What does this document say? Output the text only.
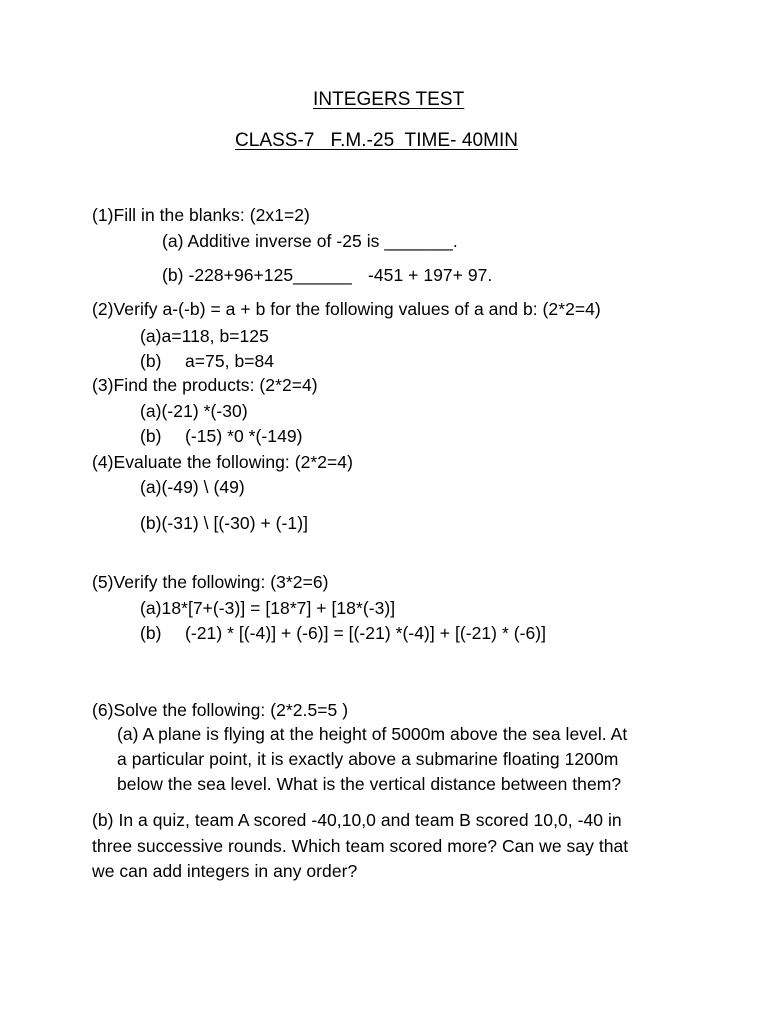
INTEGERS TEST
CLASS-7   F.M.-25  TIME- 40MIN
(1)Fill in the blanks: (2x1=2)
(a) Additive inverse of -25 is _______.
(b) -228+96+125______ -451 + 197+ 97.
(2)Verify a-(-b) = a + b for the following values of a and b: (2*2=4)
(a)a=118, b=125
(b) a=75, b=84
(3)Find the products: (2*2=4)
(a)(-21) *(-30)
(b) (-15) *0 *(-149)
(4)Evaluate the following: (2*2=4)
(a)(-49) \ (49)
(b)(-31) \ [(-30) + (-1)]
(5)Verify the following: (3*2=6)
(a)18*[7+(-3)] = [18*7] + [18*(-3)]
(b) (-21) * [(-4)] + (-6)] = [(-21) *(-4)] + [(-21) * (-6)]
(6)Solve the following: (2*2.5=5 )
(a) A plane is flying at the height of 5000m above the sea level. At
a particular point, it is exactly above a submarine floating 1200m
below the sea level. What is the vertical distance between them?
(b) In a quiz, team A scored -40,10,0 and team B scored 10,0, -40 in
three successive rounds. Which team scored more? Can we say that
we can add integers in any order?
